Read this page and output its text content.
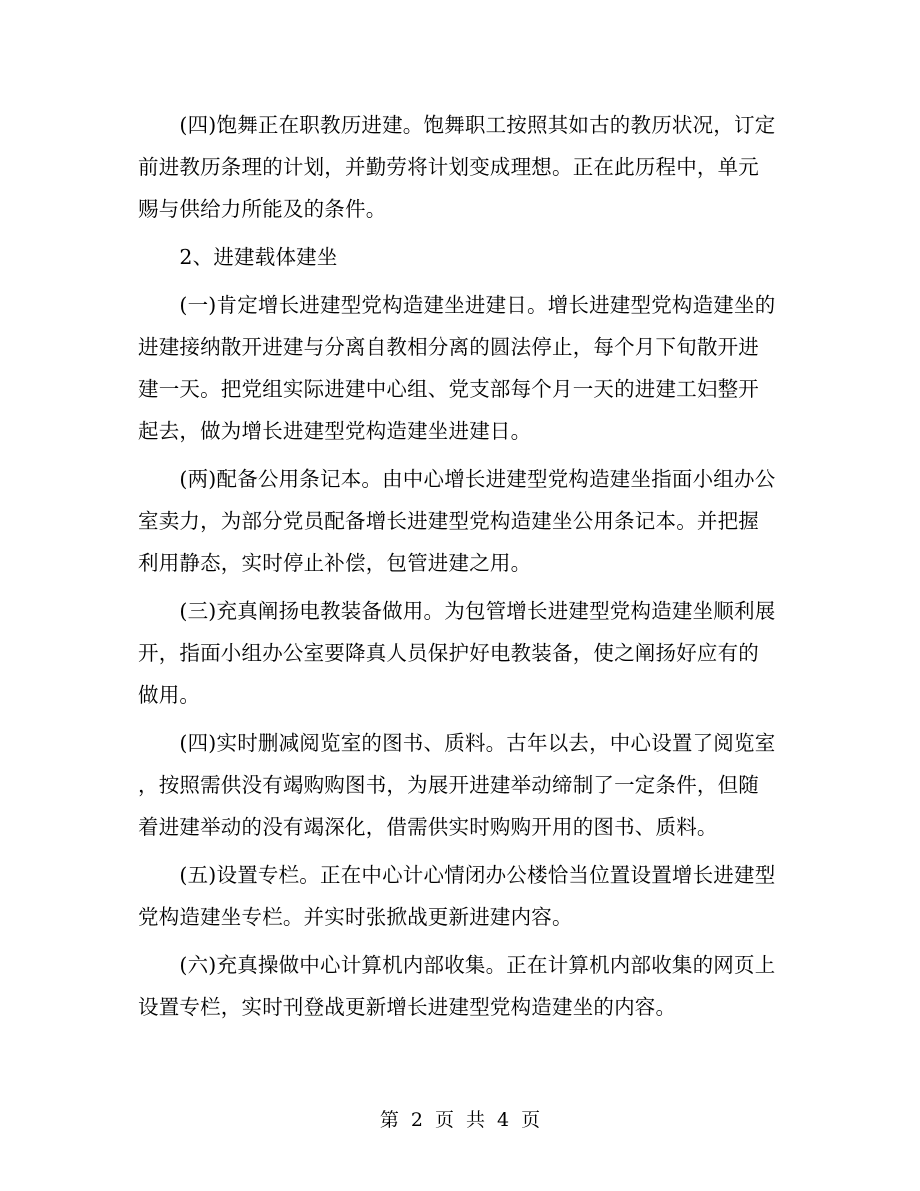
　　(四)饱舞正在职教历进建。饱舞职工按照其如古的教历状况，订定
前进教历条理的计划，并勤劳将计划变成理想。正在此历程中，单元
赐与供给力所能及的条件。

　　2、进建载体建坐

　　(一)肯定增长进建型党构造建坐进建日。增长进建型党构造建坐的
进建接纳散开进建与分离自教相分离的圆法停止，每个月下旬散开进
建一天。把党组实际进建中心组、党支部每个月一天的进建工妇整开
起去，做为增长进建型党构造建坐进建日。

　　(两)配备公用条记本。由中心增长进建型党构造建坐指面小组办公
室卖力，为部分党员配备增长进建型党构造建坐公用条记本。并把握
利用静态，实时停止补偿，包管进建之用。

　　(三)充真阐扬电教装备做用。为包管增长进建型党构造建坐顺利展
开，指面小组办公室要降真人员保护好电教装备，使之阐扬好应有的
做用。

　　(四)实时删减阅览室的图书、质料。古年以去，中心设置了阅览室
，按照需供没有竭购购图书，为展开进建举动缔制了一定条件，但随
着进建举动的没有竭深化，借需供实时购购开用的图书、质料。

　　(五)设置专栏。正在中心计心情闭办公楼恰当位置设置增长进建型
党构造建坐专栏。并实时张掀战更新进建内容。

　　(六)充真操做中心计算机内部收集。正在计算机内部收集的网页上
设置专栏，实时刊登战更新增长进建型党构造建坐的内容。

第 2 页 共 4 页
